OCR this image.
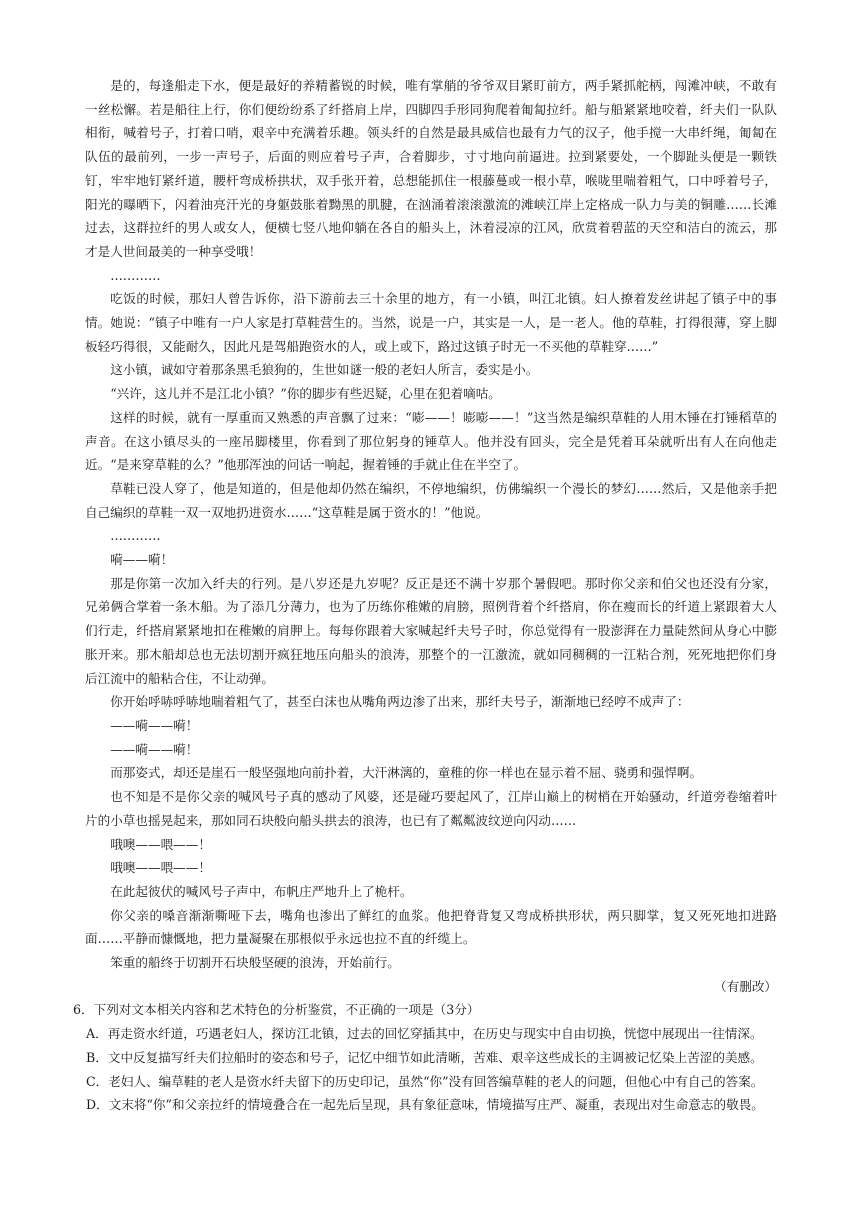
是的，每逢船走下水，便是最好的养精蓄锐的时候，唯有掌艄的爷爷双目紧盯前方，两手紧抓舵柄，闯滩冲峡，不敢有一丝松懈。若是船往上行，你们便纷纷系了纤搭肩上岸，四脚四手形同狗爬着匍匐拉纤。船与船紧紧地咬着，纤夫们一队队相衔，喊着号子，打着口哨，艰辛中充满着乐趣。领头纤的自然是最具威信也最有力气的汉子，他手搅一大串纤绳，匍匐在队伍的最前列，一步一声号子，后面的则应着号子声，合着脚步，寸寸地向前逼进。拉到紧要处，一个脚趾头便是一颗铁钉，牢牢地钉紧纤道，腰杆弯成桥拱状，双手张开着，总想能抓住一根藤蔓或一根小草，喉咙里喘着粗气，口中呼着号子，阳光的曝晒下，闪着油亮汗光的身躯鼓胀着黝黑的肌腱，在汹涌着滚滚激流的滩峡江岸上定格成一队力与美的铜雕……长滩过去，这群拉纤的男人或女人，便横七竖八地仰躺在各自的船头上，沐着浸凉的江风，欣赏着碧蓝的天空和洁白的流云，那才是人世间最美的一种享受哦！

…………

吃饭的时候，那妇人曾告诉你，沿下游前去三十余里的地方，有一小镇，叫江北镇。妇人撩着发丝讲起了镇子中的事情。她说：“镇子中唯有一户人家是打草鞋营生的。当然，说是一户，其实是一人，是一老人。他的草鞋，打得很薄，穿上脚板轻巧得很，又能耐久，因此凡是驾船跑资水的人，或上或下，路过这镇子时无一不买他的草鞋穿……”

这小镇，诚如守着那条黑毛狼狗的，生世如谜一般的老妇人所言，委实是小。

“兴许，这儿并不是江北小镇？”你的脚步有些迟疑，心里在犯着嘀咕。

这样的时候，就有一厚重而又熟悉的声音飘了过来：“嘭——！嘭嘭——！”这当然是编织草鞋的人用木锤在打锤稻草的声音。在这小镇尽头的一座吊脚楼里，你看到了那位躬身的锤草人。他并没有回头，完全是凭着耳朵就听出有人在向他走近。“是来穿草鞋的么？”他那浑浊的问话一响起，握着锤的手就止住在半空了。

草鞋已没人穿了，他是知道的，但是他却仍然在编织，不停地编织，仿佛编织一个漫长的梦幻……然后，又是他亲手把自己编织的草鞋一双一双地扔进资水……“这草鞋是属于资水的！”他说。

…………

嗬——嗬！

那是你第一次加入纤夫的行列。是八岁还是九岁呢？反正是还不满十岁那个暑假吧。那时你父亲和伯父也还没有分家，兄弟俩合掌着一条木船。为了添几分薄力，也为了历练你稚嫩的肩膀，照例背着个纤搭肩，你在瘦而长的纤道上紧跟着大人们行走，纤搭肩紧紧地扣在稚嫩的肩胛上。每每你跟着大家喊起纤夫号子时，你总觉得有一股澎湃在力量陡然间从身心中膨胀开来。那木船却总也无法切割开疯狂地压向船头的浪涛，那整个的一江激流，就如同稠稠的一江粘合剂，死死地把你们身后江流中的船粘合住，不让动弹。

你开始呼哧呼哧地喘着粗气了，甚至白沫也从嘴角两边渗了出来，那纤夫号子，渐渐地已经哼不成声了：

——嗬——嗬！

——嗬——嗬！

而那姿式，却还是崖石一般坚强地向前扑着，大汗淋漓的，童稚的你一样也在显示着不屈、骁勇和强悍啊。

也不知是不是你父亲的喊风号子真的感动了风婆，还是碰巧要起风了，江岸山巅上的树梢在开始骚动，纤道旁卷缩着叶片的小草也摇晃起来，那如同石块般向船头拱去的浪涛，也已有了粼粼波纹逆向闪动……

哦噢——喂——！

哦噢——喂——！

在此起彼伏的喊风号子声中，布帆庄严地升上了桅杆。

你父亲的嗓音渐渐嘶哑下去，嘴角也渗出了鲜红的血浆。他把脊背复又弯成桥拱形状，两只脚掌，复又死死地扣进路面……平静而慷慨地，把力量凝聚在那根似乎永远也拉不直的纤缆上。

笨重的船终于切割开石块般坚硬的浪涛，开始前行。

（有删改）

6．下列对文本相关内容和艺术特色的分析鉴赏，不正确的一项是（3分）

A．再走资水纤道，巧遇老妇人，探访江北镇，过去的回忆穿插其中，在历史与现实中自由切换，恍惚中展现出一往情深。

B．文中反复描写纤夫们拉船时的姿态和号子，记忆中细节如此清晰，苦难、艰辛这些成长的主调被记忆染上苦涩的美感。

C．老妇人、编草鞋的老人是资水纤夫留下的历史印记，虽然“你”没有回答编草鞋的老人的问题，但他心中有自己的答案。

D．文末将“你”和父亲拉纤的情境叠合在一起先后呈现，具有象征意味，情境描写庄严、凝重，表现出对生命意志的敬畏。
